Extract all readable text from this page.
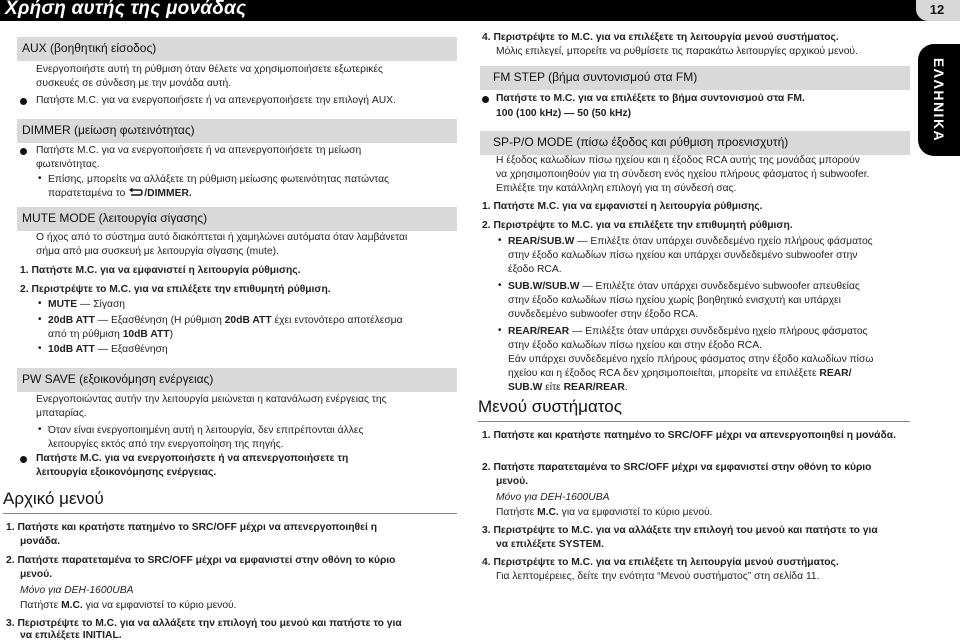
Χρήση αυτής της μονάδας	12
ΕΛΛΗΝΙΚΑ
AUX (βοηθητική είσοδος)
Ενεργοποιήστε αυτή τη ρύθμιση όταν θέλετε να χρησιμοποιήσετε εξωτερικές
συσκευές σε σύνδεση με την μονάδα αυτή.
Πατήστε M.C. για να ενεργοποιήσετε ή να απενεργοποιήσετε την επιλογή AUX.
DIMMER (μείωση φωτεινότητας)
Πατήστε M.C. για να ενεργοποιήσετε ή να απενεργοποιήσετε τη μείωση
φωτεινότητας.
• Επίσης, μπορείτε να αλλάξετε τη ρύθμιση μείωσης φωτεινότητας πατώντας
παρατεταμένα το /DIMMER.
MUTE MODE (λειτουργία σίγασης)
Ο ήχος από το σύστημα αυτό διακόπτεται ή χαμηλώνει αυτόματα όταν λαμβάνεται
σήμα από μια συσκευή με λειτουργία σίγασης (mute).
1. Πατήστε M.C. για να εμφανιστεί η λειτουργία ρύθμισης.
2. Περιστρέψτε το M.C. για να επιλέξετε την επιθυμητή ρύθμιση.
• MUTE — Σίγαση
• 20dB ATT — Εξασθένηση (Η ρύθμιση 20dB ATT έχει εντονότερο αποτέλεσμα
από τη ρύθμιση 10dB ATT)
• 10dB ATT — Εξασθένηση
PW SAVE (εξοικονόμηση ενέργειας)
Ενεργοποιώντας αυτήν την λειτουργία μειώνεται η κατανάλωση ενέργειας της
μπαταρίας.
• Όταν είναι ενεργοποιημένη αυτή η λειτουργία, δεν επιτρέπονται άλλες
λειτουργίες εκτός από την ενεργοποίηση της πηγής.
Πατήστε M.C. για να ενεργοποιήσετε ή να απενεργοποιήσετε τη
λειτουργία εξοικονόμησης ενέργειας.
Αρχικό μενού
1. Πατήστε και κρατήστε πατημένο το SRC/OFF μέχρι να απενεργοποιηθεί η
μονάδα.
2. Πατήστε παρατεταμένα το SRC/OFF μέχρι να εμφανιστεί στην οθόνη το κύριο
μενού.
Μόνο για DEH-1600UBA
Πατήστε M.C. για να εμφανιστεί το κύριο μενού.
3. Περιστρέψτε το M.C. για να αλλάξετε την επιλογή του μενού και πατήστε το για
να επιλέξετε INITIAL.
4. Περιστρέψτε το M.C. για να επιλέξετε τη λειτουργία μενού συστήματος.
Μόλις επιλεγεί, μπορείτε να ρυθμίσετε τις παρακάτω λειτουργίες αρχικού μενού.
FM STEP (βήμα συντονισμού στα FM)
Πατήστε το M.C. για να επιλέξετε το βήμα συντονισμού στα FM.
100 (100 kHz) — 50 (50 kHz)
SP-P/O MODE (πίσω έξοδος και ρύθμιση προενισχυτή)
Η έξοδος καλωδίων πίσω ηχείου και η έξοδος RCA αυτής της μονάδας μπορούν
να χρησιμοποιηθούν για τη σύνδεση ενός ηχείου πλήρους φάσματος ή subwoofer.
Επιλέξτε την κατάλληλη επιλογή για τη σύνδεσή σας.
1. Πατήστε M.C. για να εμφανιστεί η λειτουργία ρύθμισης.
2. Περιστρέψτε το M.C. για να επιλέξετε την επιθυμητή ρύθμιση.
• REAR/SUB.W — Επιλέξτε όταν υπάρχει συνδεδεμένο ηχείο πλήρους φάσματος
στην έξοδο καλωδίων πίσω ηχείου και υπάρχει συνδεδεμένο subwoofer στην
έξοδο RCA.
• SUB.W/SUB.W — Επιλέξτε όταν υπάρχει συνδεδεμένο subwoofer απευθείας
στην έξοδο καλωδίων πίσω ηχείου χωρίς βοηθητικό ενισχυτή και υπάρχει
συνδεδεμένο subwoofer στην έξοδο RCA.
• REAR/REAR — Επιλέξτε όταν υπάρχει συνδεδεμένο ηχείο πλήρους φάσματος
στην έξοδο καλωδίων πίσω ηχείου και στην έξοδο RCA.
Εάν υπάρχει συνδεδεμένο ηχείο πλήρους φάσματος στην έξοδο καλωδίων πίσω
ηχείου και η έξοδος RCA δεν χρησιμοποιείται, μπορείτε να επιλέξετε REAR/
SUB.W είτε REAR/REAR.
Μενού συστήματος
1. Πατήστε και κρατήστε πατημένο το SRC/OFF μέχρι να απενεργοποιηθεί η μονάδα.
2. Πατήστε παρατεταμένα το SRC/OFF μέχρι να εμφανιστεί στην οθόνη το κύριο
μενού.
Μόνο για DEH-1600UBA
Πατήστε M.C. για να εμφανιστεί το κύριο μενού.
3. Περιστρέψτε το M.C. για να αλλάξετε την επιλογή του μενού και πατήστε το για
να επιλέξετε SYSTEM.
4. Περιστρέψτε το M.C. για να επιλέξετε τη λειτουργία μενού συστήματος.
Για λεπτομέρειες, δείτε την ενότητα “Μενού συστήματος” στη σελίδα 11.
